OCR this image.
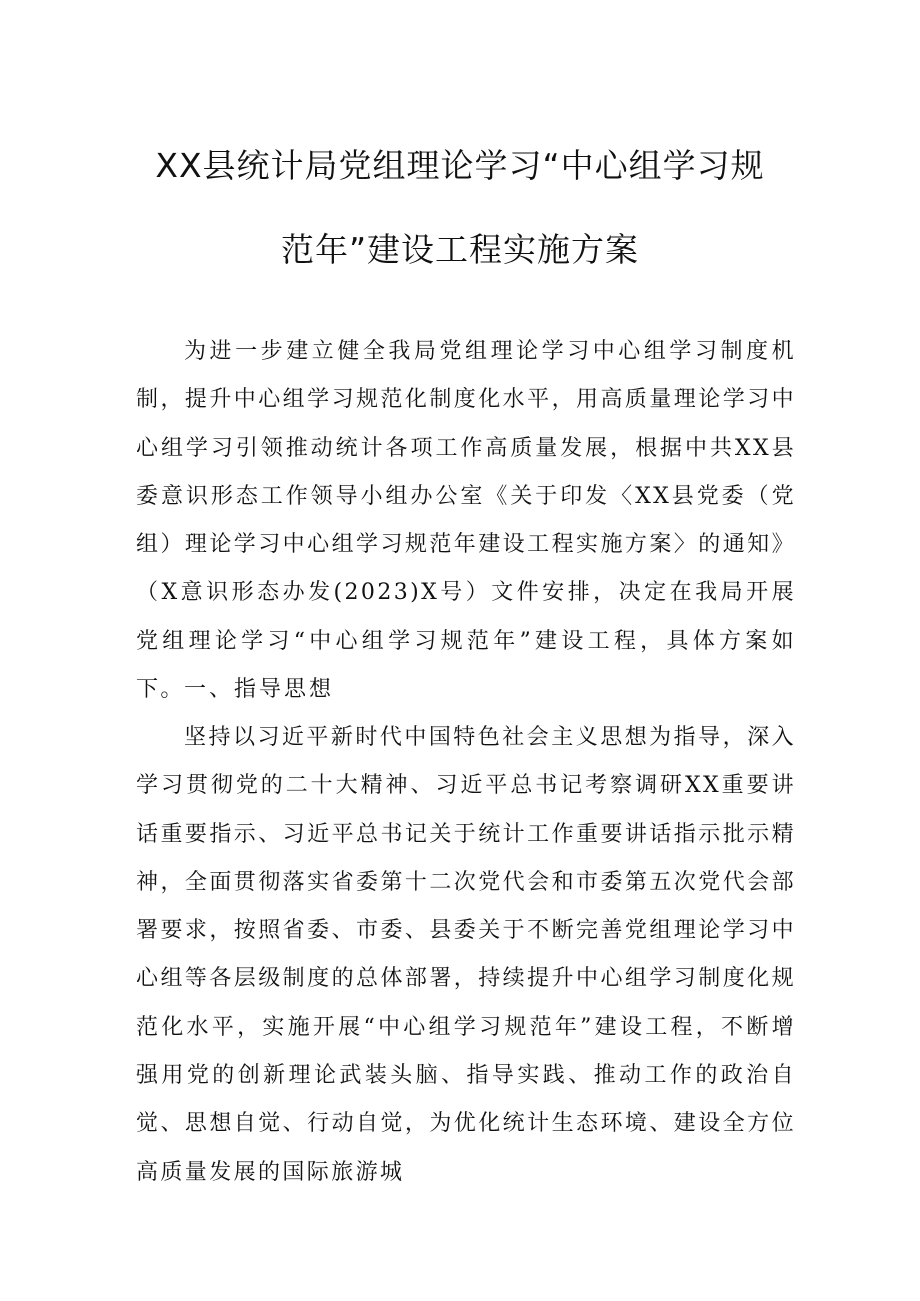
XX县统计局党组理论学习“中心组学习规
范年”建设工程实施方案

为进一步建立健全我局党组理论学习中心组学习制度机制，提升中心组学习规范化制度化水平，用高质量理论学习中心组学习引领推动统计各项工作高质量发展，根据中共XX县委意识形态工作领导小组办公室《关于印发〈XX县党委（党组）理论学习中心组学习规范年建设工程实施方案〉的通知》（X意识形态办发(2023)X号）文件安排，决定在我局开展党组理论学习“中心组学习规范年”建设工程，具体方案如下。 一、指导思想

坚持以习近平新时代中国特色社会主义思想为指导，深入学习贯彻党的二十大精神、习近平总书记考察调研XX重要讲话重要指示、习近平总书记关于统计工作重要讲话指示批示精神，全面贯彻落实省委第十二次党代会和市委第五次党代会部署要求，按照省委、市委、县委关于不断完善党组理论学习中心组等各层级制度的总体部署，持续提升中心组学习制度化规范化水平，实施开展“中心组学习规范年”建设工程，不断增强用党的创新理论武装头脑、指导实践、推动工作的政治自觉、思想自觉、行动自觉，为优化统计生态环境、建设全方位高质量发展的国际旅游城
